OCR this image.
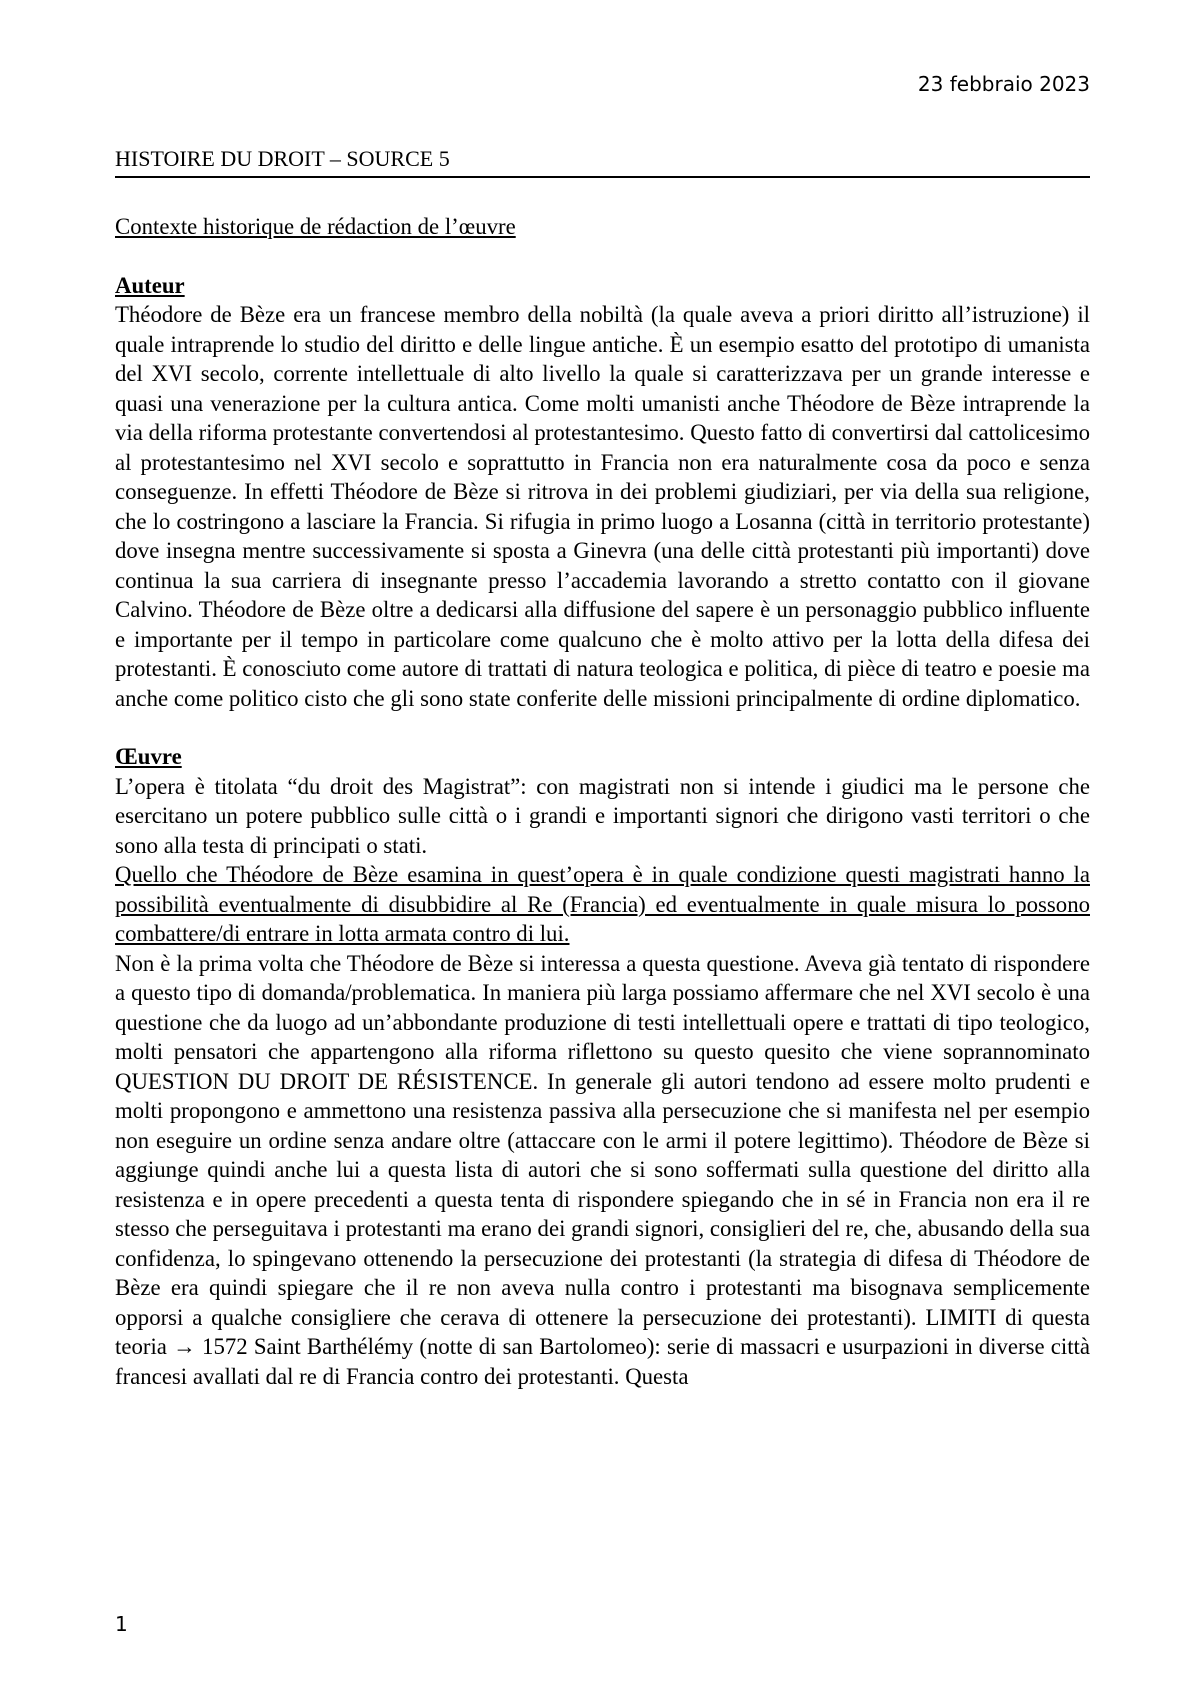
23 febbraio 2023
HISTOIRE DU DROIT – SOURCE 5

Contexte historique de rédaction de l’œuvre

Auteur

Théodore de Bèze era un francese membro della nobiltà (la quale aveva a priori diritto all’istruzione) il quale intraprende lo studio del diritto e delle lingue antiche. È un esempio esatto del prototipo di umanista del XVI secolo, corrente intellettuale di alto livello la quale si caratterizzava per un grande interesse e quasi una venerazione per la cultura antica. Come molti umanisti anche Théodore de Bèze intraprende la via della riforma protestante convertendosi al protestantesimo. Questo fatto di convertirsi dal cattolicesimo al protestantesimo nel XVI secolo e soprattutto in Francia non era naturalmente cosa da poco e senza conseguenze. In effetti Théodore de Bèze si ritrova in dei problemi giudiziari, per via della sua religione, che lo costringono a lasciare la Francia. Si rifugia in primo luogo a Losanna (città in territorio protestante) dove insegna mentre successivamente si sposta a Ginevra (una delle città protestanti più importanti) dove continua la sua carriera di insegnante presso l’accademia lavorando a stretto contatto con il giovane Calvino. Théodore de Bèze oltre a dedicarsi alla diffusione del sapere è un personaggio pubblico influente e importante per il tempo in particolare come qualcuno che è molto attivo per la lotta della difesa dei protestanti. È conosciuto come autore di trattati di natura teologica e politica, di pièce di teatro e poesie ma anche come politico cisto che gli sono state conferite delle missioni principalmente di ordine diplomatico.

Œuvre

L’opera è titolata “du droit des Magistrat”: con magistrati non si intende i giudici ma le persone che esercitano un potere pubblico sulle città o i grandi e importanti signori che dirigono vasti territori o che sono alla testa di principati o stati.

Quello che Théodore de Bèze esamina in quest’opera è in quale condizione questi magistrati hanno la possibilità eventualmente di disubbidire al Re (Francia) ed eventualmente in quale misura lo possono combattere/di entrare in lotta armata contro di lui.

Non è la prima volta che Théodore de Bèze si interessa a questa questione. Aveva già tentato di rispondere a questo tipo di domanda/problematica. In maniera più larga possiamo affermare che nel XVI secolo è una questione che da luogo ad un’abbondante produzione di testi intellettuali opere e trattati di tipo teologico, molti pensatori che appartengono alla riforma riflettono su questo quesito che viene soprannominato QUESTION DU DROIT DE RÉSISTENCE. In generale gli autori tendono ad essere molto prudenti e molti propongono e ammettono una resistenza passiva alla persecuzione che si manifesta nel per esempio non eseguire un ordine senza andare oltre (attaccare con le armi il potere legittimo). Théodore de Bèze si aggiunge quindi anche lui a questa lista di autori che si sono soffermati sulla questione del diritto alla resistenza e in opere precedenti a questa tenta di rispondere spiegando che in sé in Francia non era il re stesso che perseguitava i protestanti ma erano dei grandi signori, consiglieri del re, che, abusando della sua confidenza, lo spingevano ottenendo la persecuzione dei protestanti (la strategia di difesa di Théodore de Bèze era quindi spiegare che il re non aveva nulla contro i protestanti ma bisognava semplicemente opporsi a qualche consigliere che cerava di ottenere la persecuzione dei protestanti). LIMITI di questa teoria → 1572 Saint Barthélémy (notte di san Bartolomeo): serie di massacri e usurpazioni in diverse città francesi avallati dal re di Francia contro dei protestanti. Questa

1
